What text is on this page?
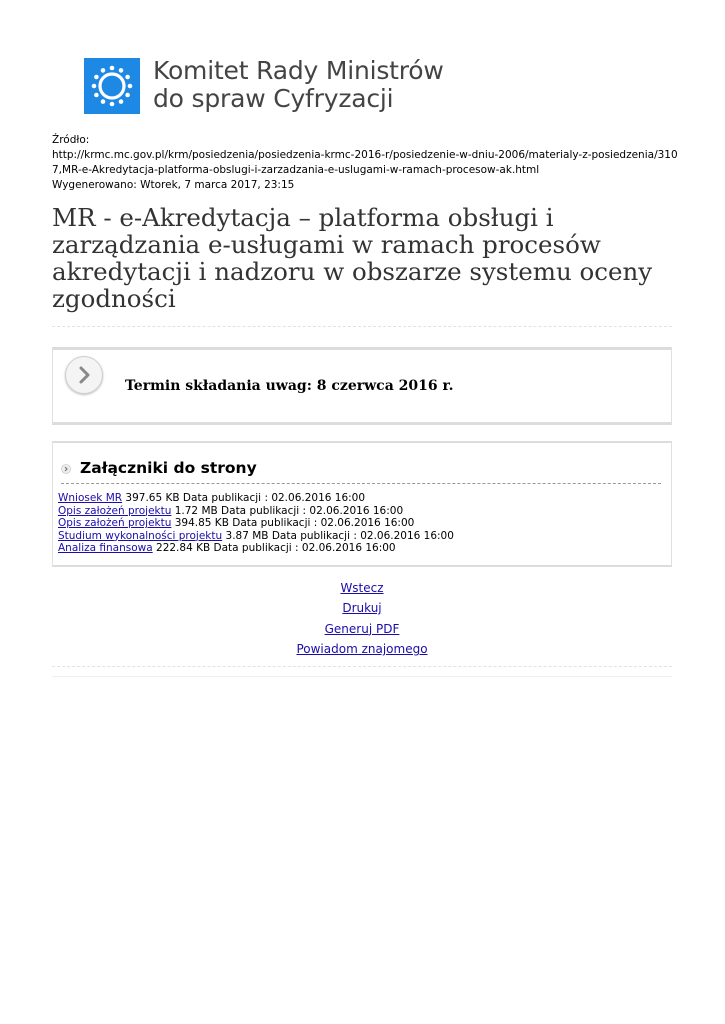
Komitet Rady Ministrów
do spraw Cyfryzacji
Źródło:
http://krmc.mc.gov.pl/krm/posiedzenia/posiedzenia-krmc-2016-r/posiedzenie-w-dniu-2006/materialy-z-posiedzenia/310
7,MR-e-Akredytacja-platforma-obslugi-i-zarzadzania-e-uslugami-w-ramach-procesow-ak.html
Wygenerowano: Wtorek, 7 marca 2017, 23:15
MR - e-Akredytacja – platforma obsługi i
zarządzania e-usługami w ramach procesów
akredytacji i nadzoru w obszarze systemu oceny
zgodności
Termin składania uwag: 8 czerwca 2016 r.
Załączniki do strony
Wniosek MR 397.65 KB Data publikacji : 02.06.2016 16:00
Opis założeń projektu 1.72 MB Data publikacji : 02.06.2016 16:00
Opis założeń projektu 394.85 KB Data publikacji : 02.06.2016 16:00
Studium wykonalności projektu 3.87 MB Data publikacji : 02.06.2016 16:00
Analiza finansowa 222.84 KB Data publikacji : 02.06.2016 16:00
Wstecz
Drukuj
Generuj PDF
Powiadom znajomego
